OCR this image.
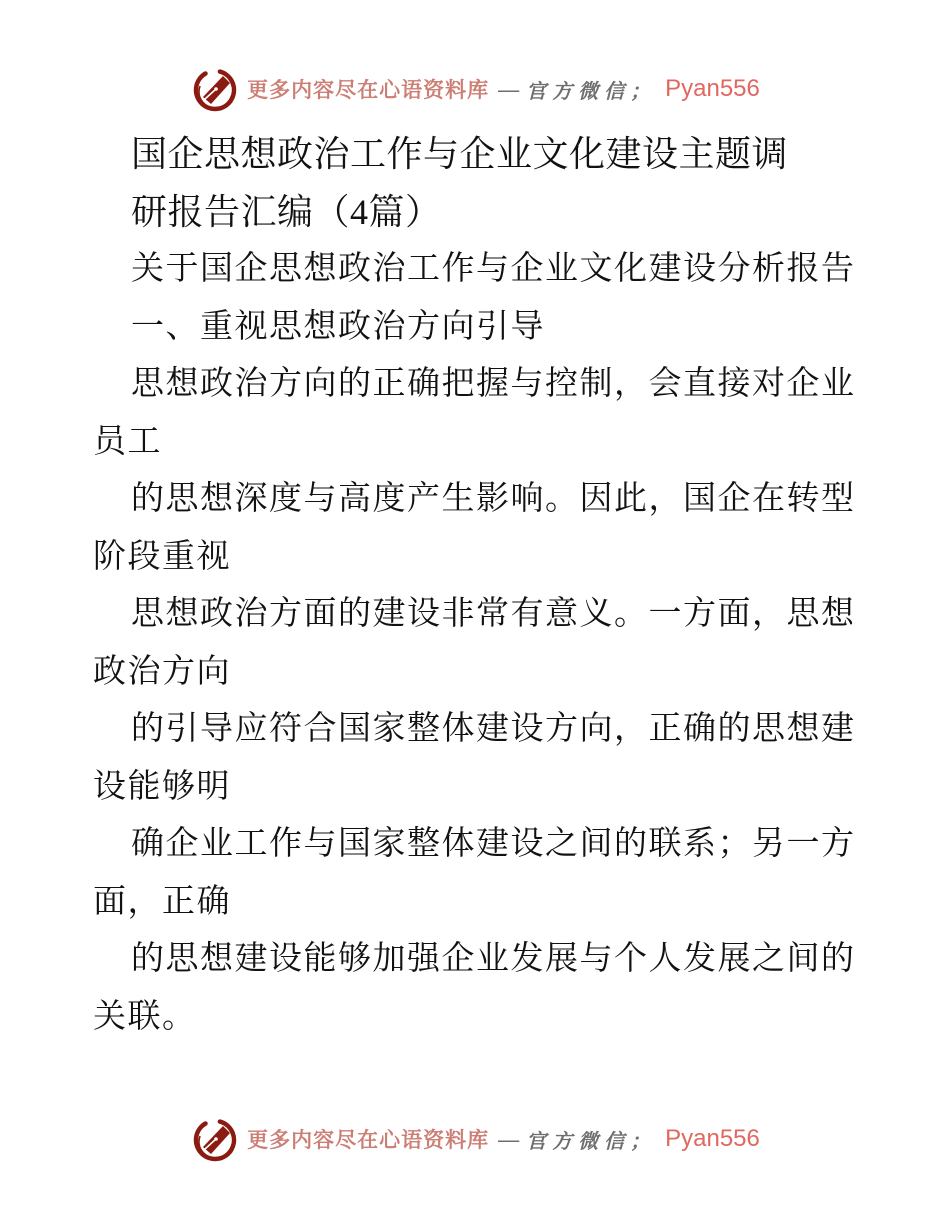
更多内容尽在心语资料库 — 官方微信； Pyan556
国企思想政治工作与企业文化建设主题调
研报告汇编（4篇）
关于国企思想政治工作与企业文化建设分析报告
一、重视思想政治方向引导
思想政治方向的正确把握与控制，会直接对企业
员工
的思想深度与高度产生影响。因此，国企在转型
阶段重视
思想政治方面的建设非常有意义。一方面，思想
政治方向
的引导应符合国家整体建设方向，正确的思想建
设能够明
确企业工作与国家整体建设之间的联系；另一方
面，正确
的思想建设能够加强企业发展与个人发展之间的
关联。
更多内容尽在心语资料库 — 官方微信； Pyan556
